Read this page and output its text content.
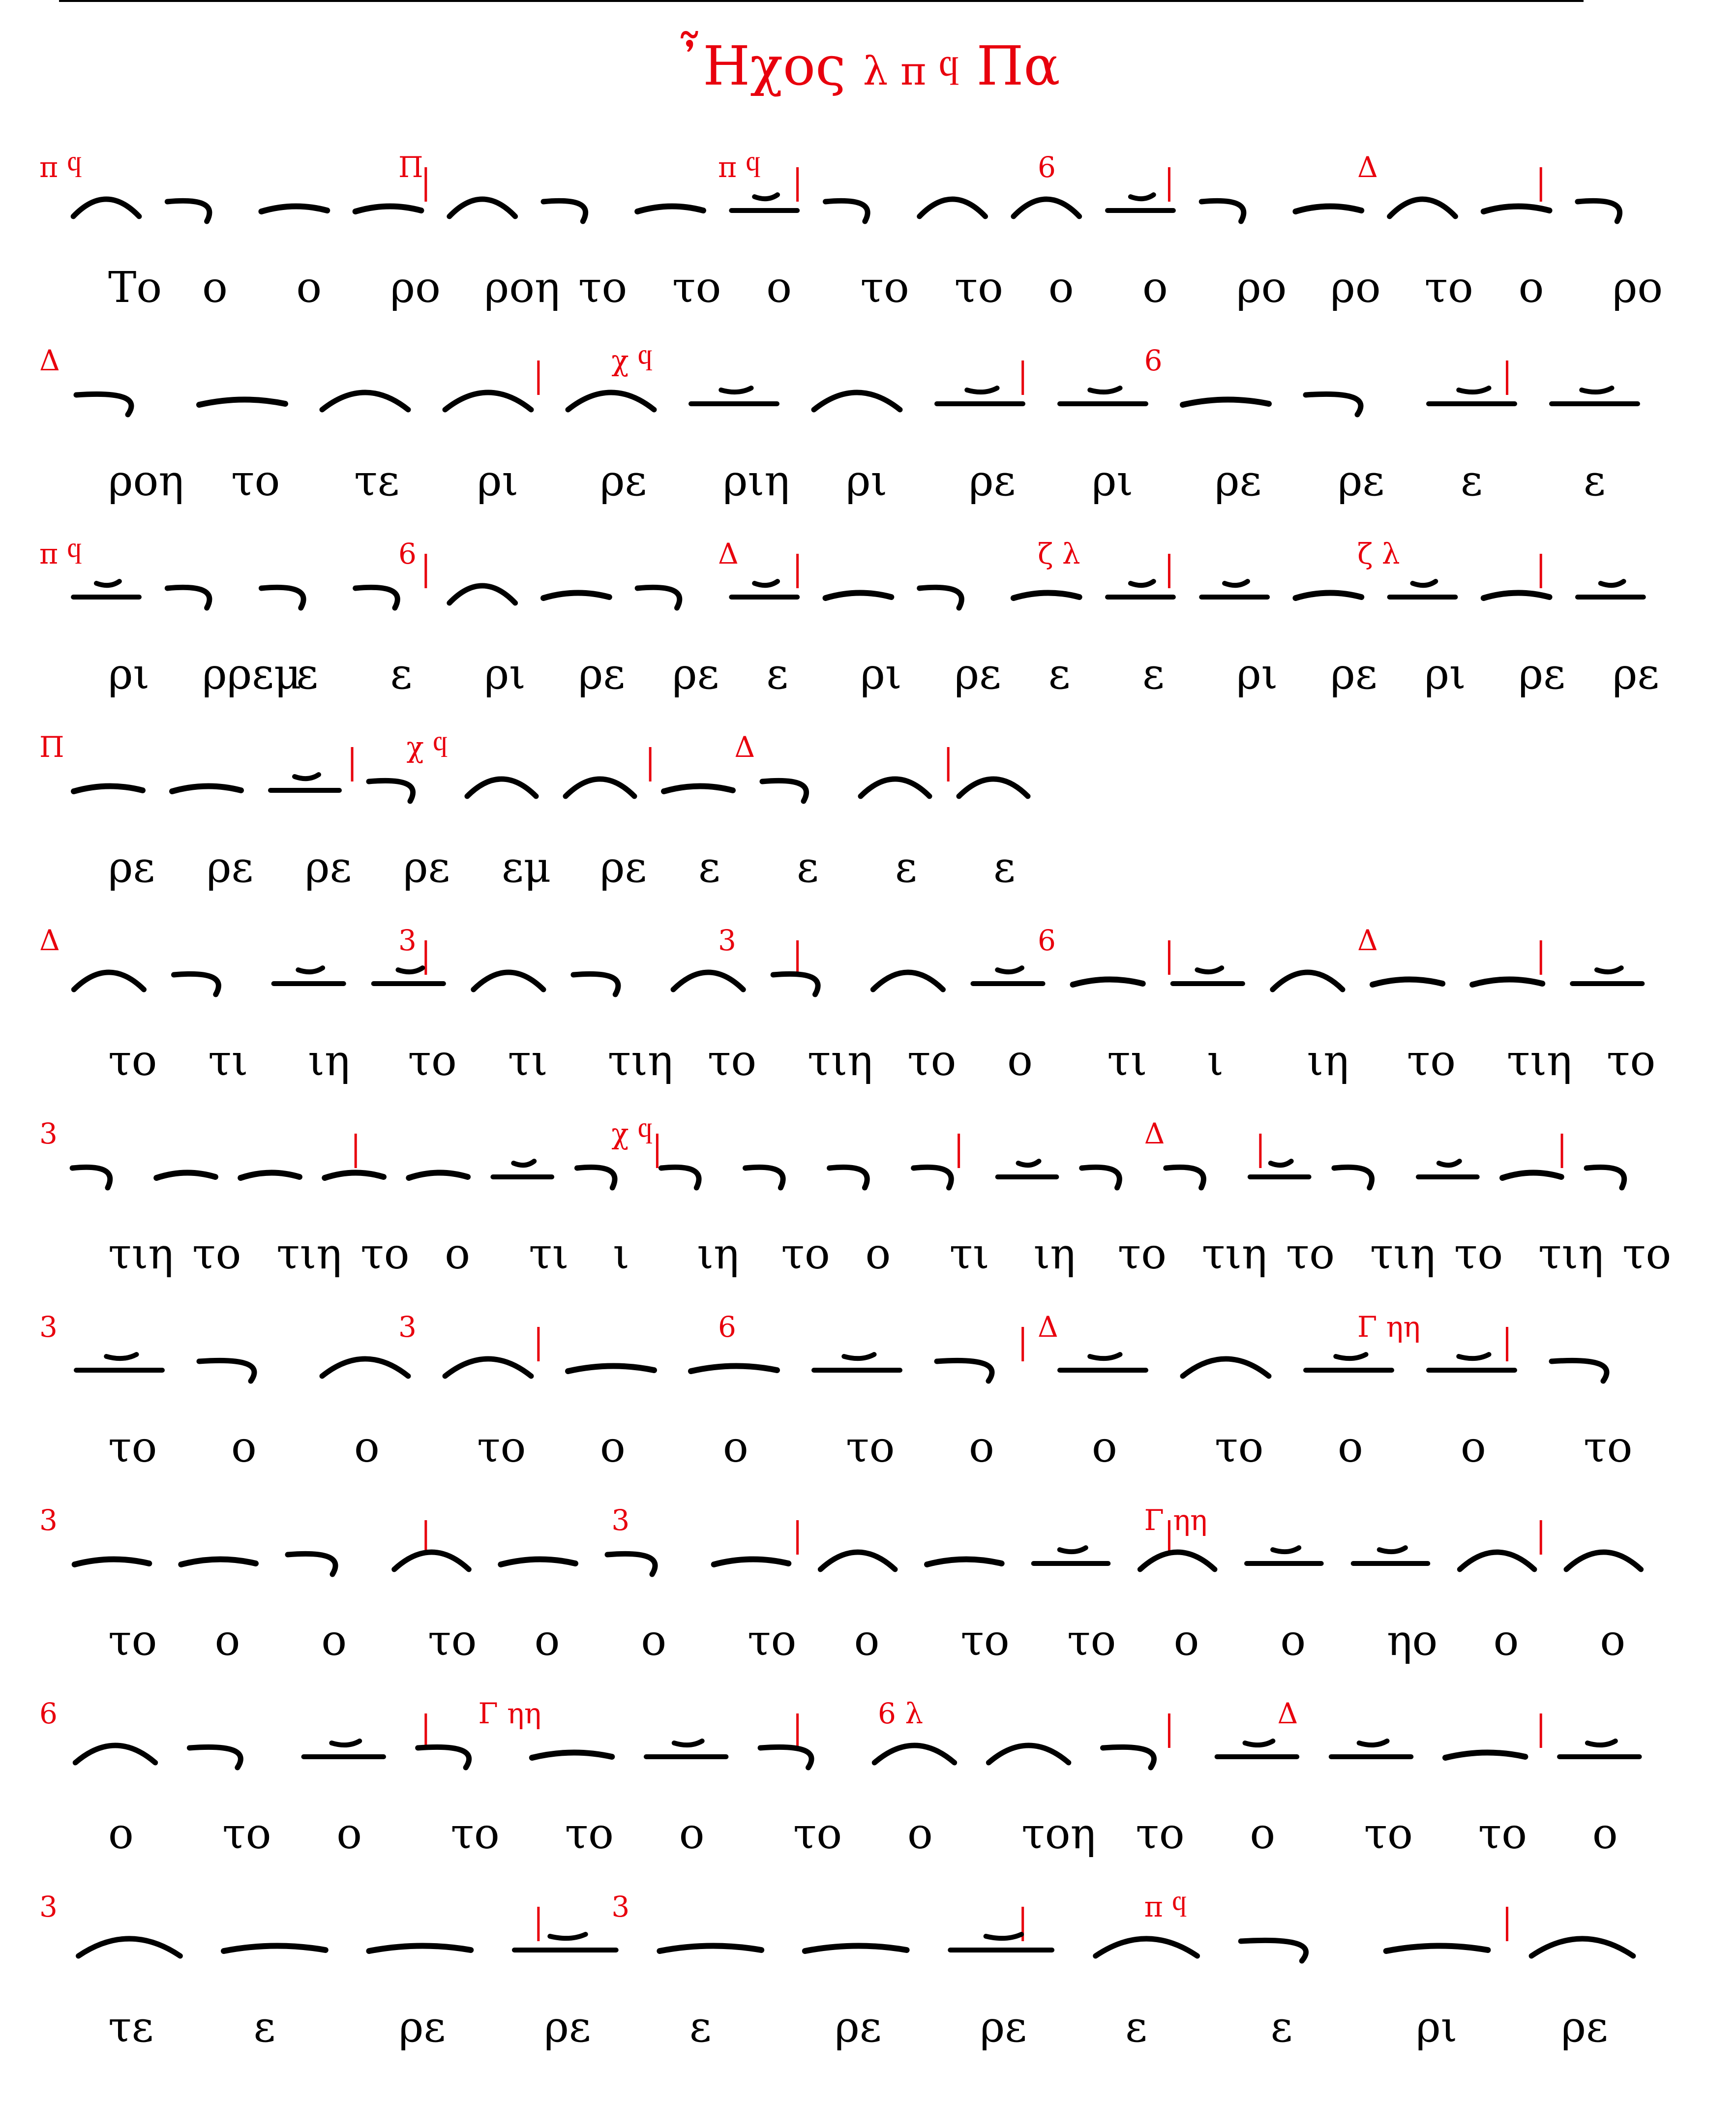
῏Ηχος λ π ϥ Πα
π ϥ	Π	π ϥ	6	Δ
Το ο ο ρο ροη το το ο το το ο ο ρο ρο το ο ρο
Δ	χ ϥ	6
ροη το τε ρι ρε ριη ρι ρε ρι ρε ρε ε ε
π ϥ	6	Δ	ζ λ	ζ λ
ρι ρρεμ
ε ε ρι ρε ρε ε ρι ρε ε ε ρι ρε ρι ρε ρε
Π	χ ϥ	Δ
ρε ρε ρε ρε εμ ρε ε ε ε ε
Δ	3	3	6	Δ
το τι ιη το τι τιη το τιη το ο τι ι ιη το τιη το
3	χ ϥ	Δ
τιη το τιη το ο τι ι ιη το ο τι ιη το τιη το τιη το τιη το
3	3	6	Δ	Γ ηη
το ο ο το ο ο το ο ο το ο ο το
3	3	Γ ηη
το ο ο το ο ο το ο το το ο ο ηο ο ο
6	Γ ηη	6 λ	Δ
ο το ο το το ο το ο τοη το ο το το ο
3	3	π ϥ
τε ε	ρε ρε ε	ρε ρε ε	ε	ρι ρε
